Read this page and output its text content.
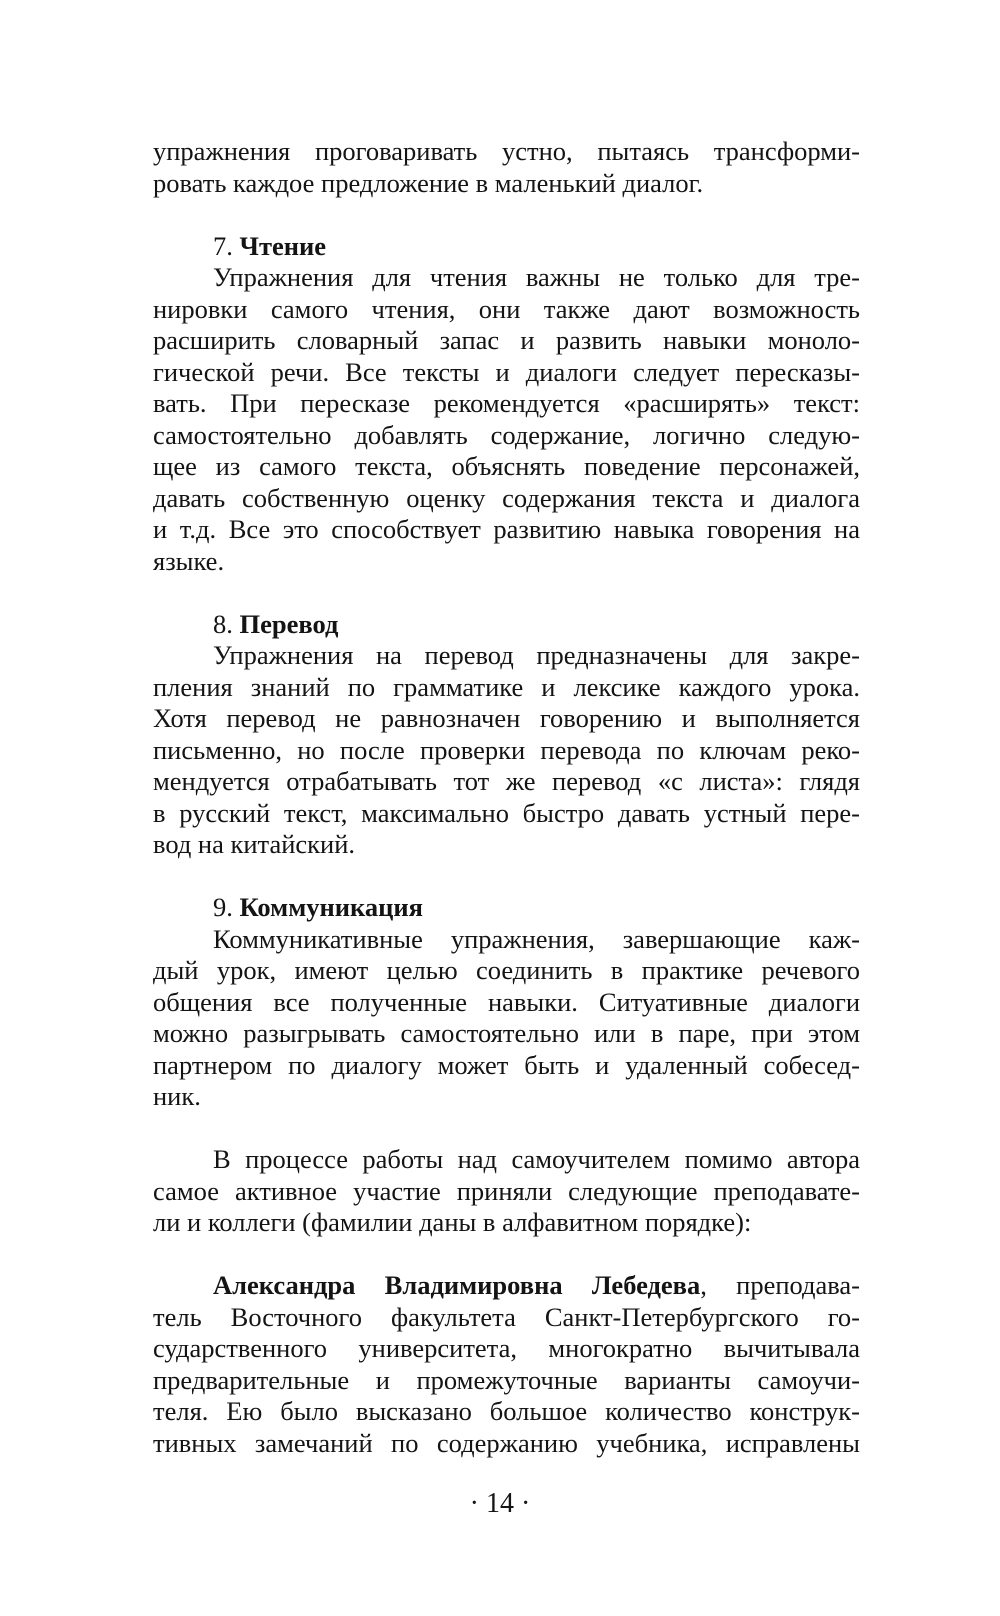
упражнения проговаривать устно, пытаясь трансформи-
ровать каждое предложение в маленький диалог.
7. Чтение
Упражнения для чтения важны не только для тре-
нировки самого чтения, они также дают возможность
расширить словарный запас и развить навыки моноло-
гической речи. Все тексты и диалоги следует пересказы-
вать. При пересказе рекомендуется «расширять» текст:
самостоятельно добавлять содержание, логично следую-
щее из самого текста, объяснять поведение персонажей,
давать собственную оценку содержания текста и диалога
и т.д. Все это способствует развитию навыка говорения на
языке.
8. Перевод
Упражнения на перевод предназначены для закре-
пления знаний по грамматике и лексике каждого урока.
Хотя перевод не равнозначен говорению и выполняется
письменно, но после проверки перевода по ключам реко-
мендуется отрабатывать тот же перевод «с листа»: глядя
в русский текст, максимально быстро давать устный пере-
вод на китайский.
9. Коммуникация
Коммуникативные упражнения, завершающие каж-
дый урок, имеют целью соединить в практике речевого
общения все полученные навыки. Ситуативные диалоги
можно разыгрывать самостоятельно или в паре, при этом
партнером по диалогу может быть и удаленный собесед-
ник.
В процессе работы над самоучителем помимо автора
самое активное участие приняли следующие преподавате-
ли и коллеги (фамилии даны в алфавитном порядке):
Александра Владимировна Лебедева, преподава-
тель Восточного факультета Санкт-Петербургского го-
сударственного университета, многократно вычитывала
предварительные и промежуточные варианты самоучи-
теля. Ею было высказано большое количество конструк-
тивных замечаний по содержанию учебника, исправлены
· 14 ·
